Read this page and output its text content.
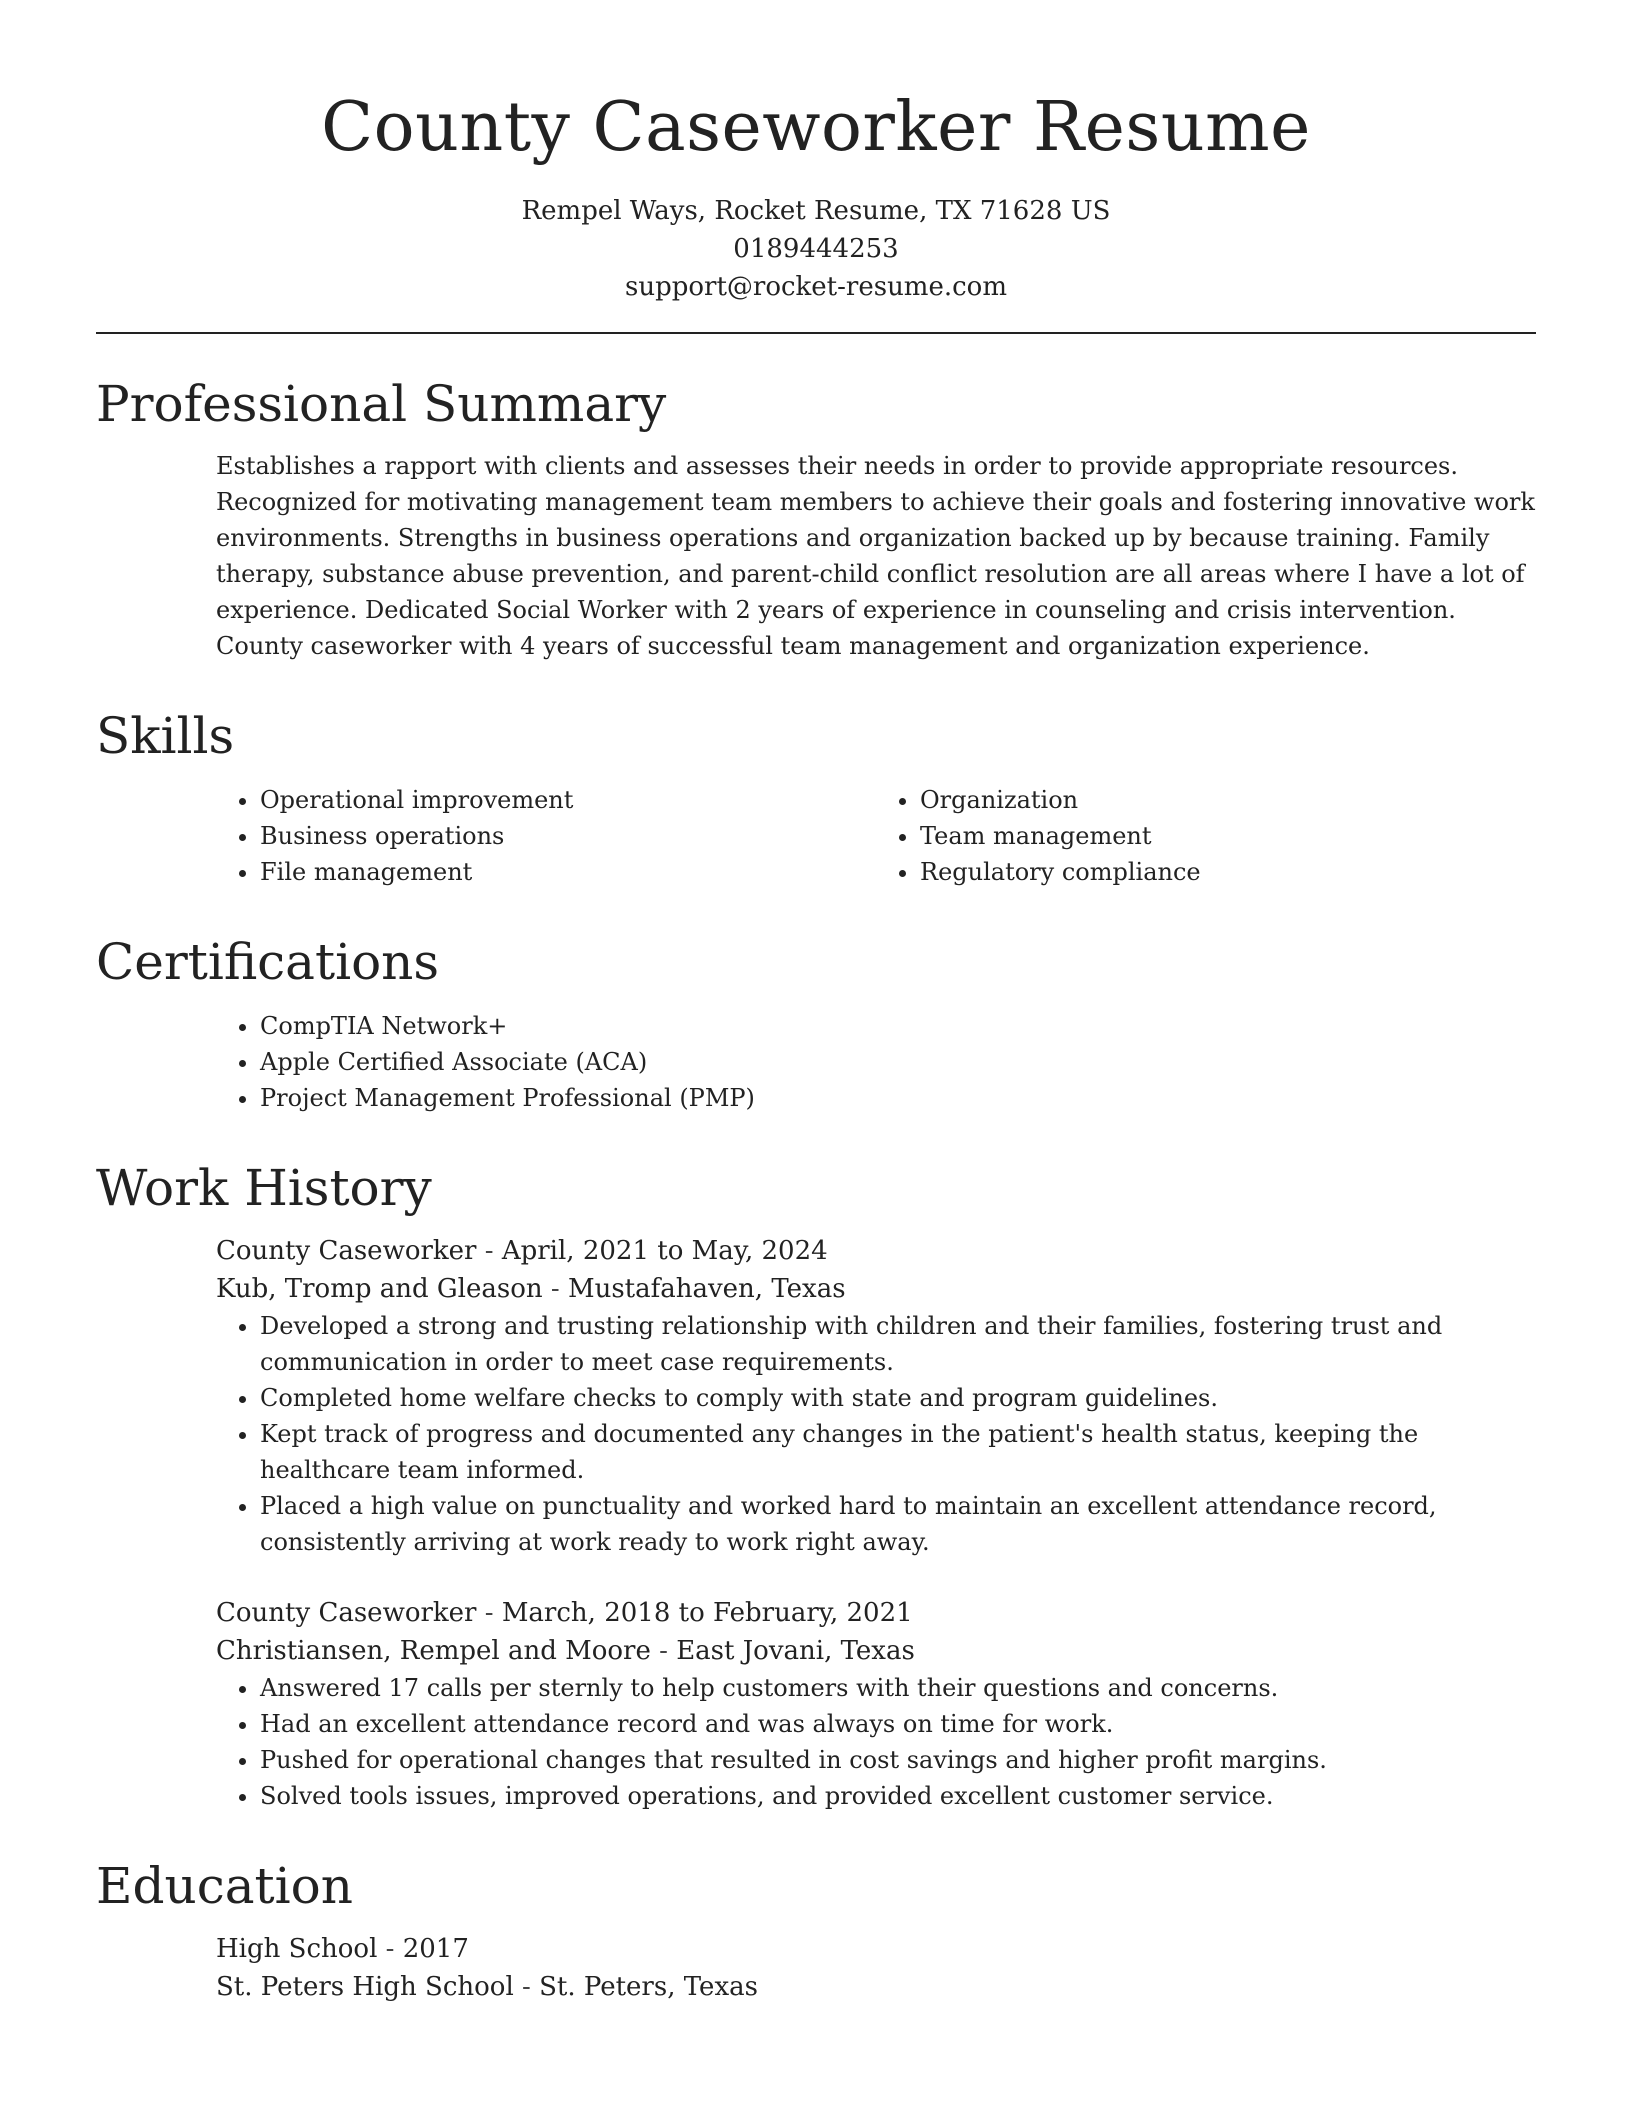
County Caseworker Resume
Rempel Ways, Rocket Resume, TX 71628 US
0189444253
support@rocket-resume.com
Professional Summary
Establishes a rapport with clients and assesses their needs in order to provide appropriate resources. Recognized for motivating management team members to achieve their goals and fostering innovative work environments. Strengths in business operations and organization backed up by because training. Family therapy, substance abuse prevention, and parent-child conflict resolution are all areas where I have a lot of experience. Dedicated Social Worker with 2 years of experience in counseling and crisis intervention. County caseworker with 4 years of successful team management and organization experience.
Skills
• Operational improvement
• Business operations
• File management
• Organization
• Team management
• Regulatory compliance
Certifications
• CompTIA Network+
• Apple Certified Associate (ACA)
• Project Management Professional (PMP)
Work History
County Caseworker - April, 2021 to May, 2024
Kub, Tromp and Gleason - Mustafahaven, Texas
• Developed a strong and trusting relationship with children and their families, fostering trust and communication in order to meet case requirements.
• Completed home welfare checks to comply with state and program guidelines.
• Kept track of progress and documented any changes in the patient's health status, keeping the healthcare team informed.
• Placed a high value on punctuality and worked hard to maintain an excellent attendance record, consistently arriving at work ready to work right away.
County Caseworker - March, 2018 to February, 2021
Christiansen, Rempel and Moore - East Jovani, Texas
• Answered 17 calls per sternly to help customers with their questions and concerns.
• Had an excellent attendance record and was always on time for work.
• Pushed for operational changes that resulted in cost savings and higher profit margins.
• Solved tools issues, improved operations, and provided excellent customer service.
Education
High School - 2017
St. Peters High School - St. Peters, Texas
